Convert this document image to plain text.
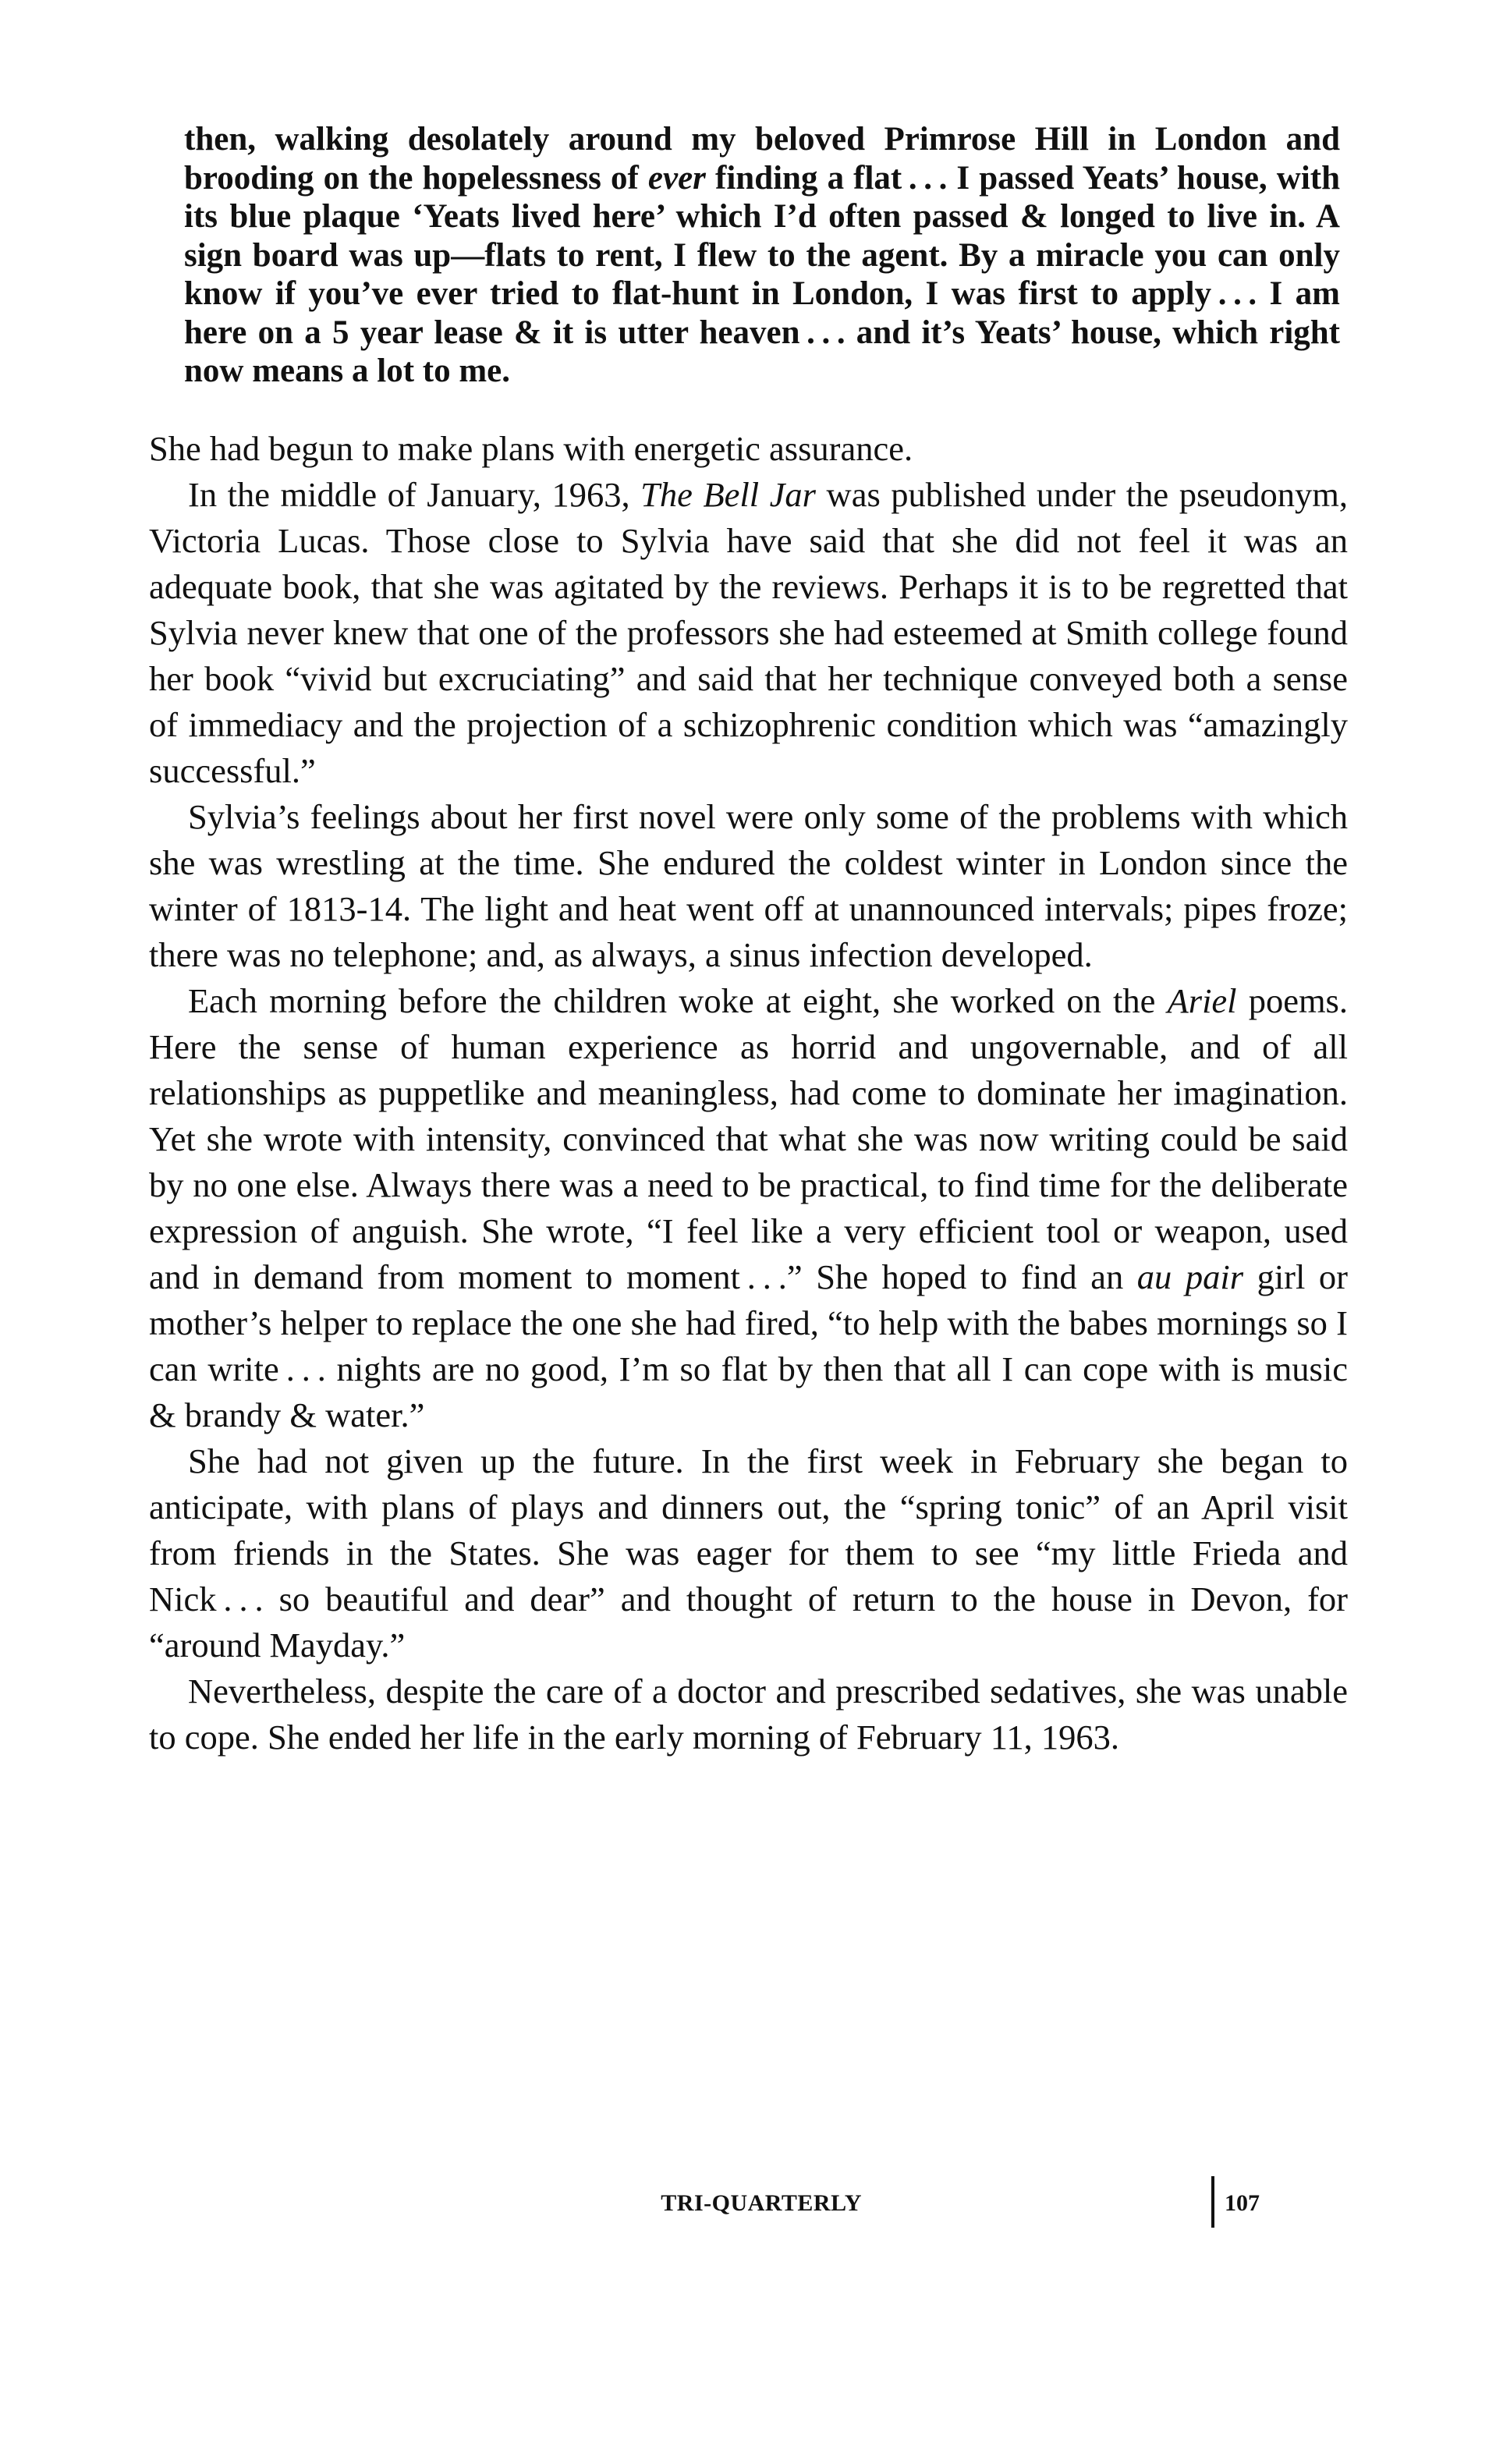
then, walking desolately around my beloved Primrose Hill in London and brooding on the hopelessness of ever finding a flat . . . I passed Yeats’ house, with its blue plaque ‘Yeats lived here’ which I’d often passed & longed to live in. A sign board was up—flats to rent, I flew to the agent. By a miracle you can only know if you’ve ever tried to flat-hunt in London, I was first to apply . . . I am here on a 5 year lease & it is utter heaven . . . and it’s Yeats’ house, which right now means a lot to me.

She had begun to make plans with energetic assurance.

In the middle of January, 1963, The Bell Jar was published under the pseudonym, Victoria Lucas. Those close to Sylvia have said that she did not feel it was an adequate book, that she was agitated by the reviews. Perhaps it is to be regretted that Sylvia never knew that one of the professors she had esteemed at Smith college found her book “vivid but excruciating” and said that her technique conveyed both a sense of immediacy and the projection of a schizophrenic condition which was “amazingly successful.”

Sylvia’s feelings about her first novel were only some of the problems with which she was wrestling at the time. She endured the coldest winter in London since the winter of 1813-14. The light and heat went off at unannounced intervals; pipes froze; there was no telephone; and, as always, a sinus infection developed.

Each morning before the children woke at eight, she worked on the Ariel poems. Here the sense of human experience as horrid and ungovernable, and of all relationships as puppetlike and meaningless, had come to dominate her imagination. Yet she wrote with intensity, convinced that what she was now writing could be said by no one else. Always there was a need to be practical, to find time for the deliberate expression of anguish. She wrote, “I feel like a very efficient tool or weapon, used and in demand from moment to moment . . .” She hoped to find an au pair girl or mother’s helper to replace the one she had fired, “to help with the babes mornings so I can write . . . nights are no good, I’m so flat by then that all I can cope with is music & brandy & water.”

She had not given up the future. In the first week in February she began to anticipate, with plans of plays and dinners out, the “spring tonic” of an April visit from friends in the States. She was eager for them to see “my little Frieda and Nick . . . so beautiful and dear” and thought of return to the house in Devon, for “around Mayday.”

Nevertheless, despite the care of a doctor and prescribed sedatives, she was unable to cope. She ended her life in the early morning of February 11, 1963.

TRI-QUARTERLY	107
